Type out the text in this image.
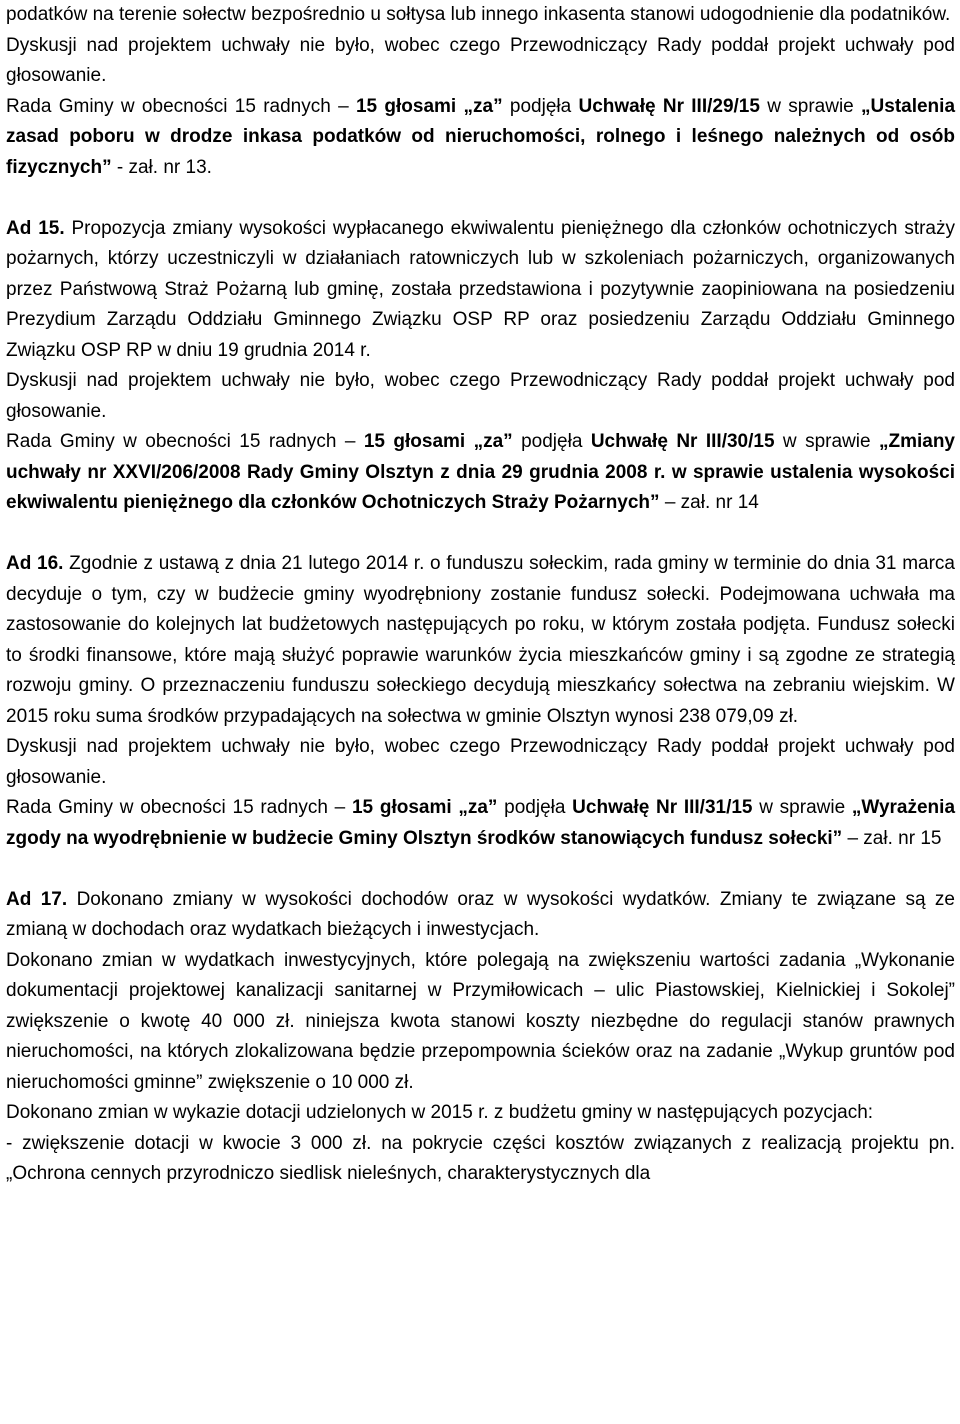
podatków na terenie sołectw bezpośrednio u sołtysa lub innego inkasenta stanowi udogodnienie dla podatników.
Dyskusji nad projektem uchwały nie było, wobec czego Przewodniczący Rady poddał projekt uchwały pod głosowanie.
Rada Gminy w obecności 15 radnych – 15 głosami „za” podjęła Uchwałę Nr III/29/15 w sprawie „Ustalenia zasad poboru w drodze inkasa podatków od nieruchomości, rolnego i leśnego należnych od osób fizycznych” - zał. nr 13.
Ad 15. Propozycja zmiany wysokości wypłacanego ekwiwalentu pieniężnego dla członków ochotniczych straży pożarnych, którzy uczestniczyli w działaniach ratowniczych lub w szkoleniach pożarniczych, organizowanych przez Państwową Straż Pożarną lub gminę, została przedstawiona i pozytywnie zaopiniowana na posiedzeniu Prezydium Zarządu Oddziału Gminnego Związku OSP RP oraz posiedzeniu Zarządu Oddziału Gminnego Związku OSP RP w dniu 19 grudnia 2014 r.
Dyskusji nad projektem uchwały nie było, wobec czego Przewodniczący Rady poddał projekt uchwały pod głosowanie.
Rada Gminy w obecności 15 radnych – 15 głosami „za” podjęła Uchwałę Nr III/30/15 w sprawie „Zmiany uchwały nr XXVI/206/2008 Rady Gminy Olsztyn z dnia 29 grudnia 2008 r. w sprawie ustalenia wysokości ekwiwalentu pieniężnego dla członków Ochotniczych Straży Pożarnych” – zał. nr 14
Ad 16. Zgodnie z ustawą z dnia 21 lutego 2014 r. o funduszu sołeckim, rada gminy w terminie do dnia 31 marca decyduje o tym, czy w budżecie gminy wyodrębniony zostanie fundusz sołecki. Podejmowana uchwała ma zastosowanie do kolejnych lat budżetowych następujących po roku, w którym została podjęta. Fundusz sołecki to środki finansowe, które mają służyć poprawie warunków życia mieszkańców gminy i są zgodne ze strategią rozwoju gminy. O przeznaczeniu funduszu sołeckiego decydują mieszkańcy sołectwa na zebraniu wiejskim. W 2015 roku suma środków przypadających na sołectwa w gminie Olsztyn wynosi 238 079,09 zł.
Dyskusji nad projektem uchwały nie było, wobec czego Przewodniczący Rady poddał projekt uchwały pod głosowanie.
Rada Gminy w obecności 15 radnych – 15 głosami „za” podjęła Uchwałę Nr III/31/15 w sprawie „Wyrażenia zgody na wyodrębnienie w budżecie Gminy Olsztyn środków stanowiących fundusz sołecki” – zał. nr 15
Ad 17. Dokonano zmiany w wysokości dochodów oraz w wysokości wydatków. Zmiany te związane są ze zmianą w dochodach oraz wydatkach bieżących i inwestycjach.
Dokonano zmian w wydatkach inwestycyjnych, które polegają na zwiększeniu wartości zadania „Wykonanie dokumentacji projektowej kanalizacji sanitarnej w Przymiłowicach – ulic Piastowskiej, Kielnickiej i Sokolej” zwiększenie o kwotę 40 000 zł. niniejsza kwota stanowi koszty niezbędne do regulacji stanów prawnych nieruchomości, na których zlokalizowana będzie przepompownia ścieków oraz na zadanie „Wykup gruntów pod nieruchomości gminne” zwiększenie o 10 000 zł.
Dokonano zmian w wykazie dotacji udzielonych w 2015 r. z budżetu gminy w następujących pozycjach:
- zwiększenie dotacji w kwocie 3 000 zł. na pokrycie części kosztów związanych z realizacją projektu pn. „Ochrona cennych przyrodniczo siedlisk nieleśnych, charakterystycznych dla
